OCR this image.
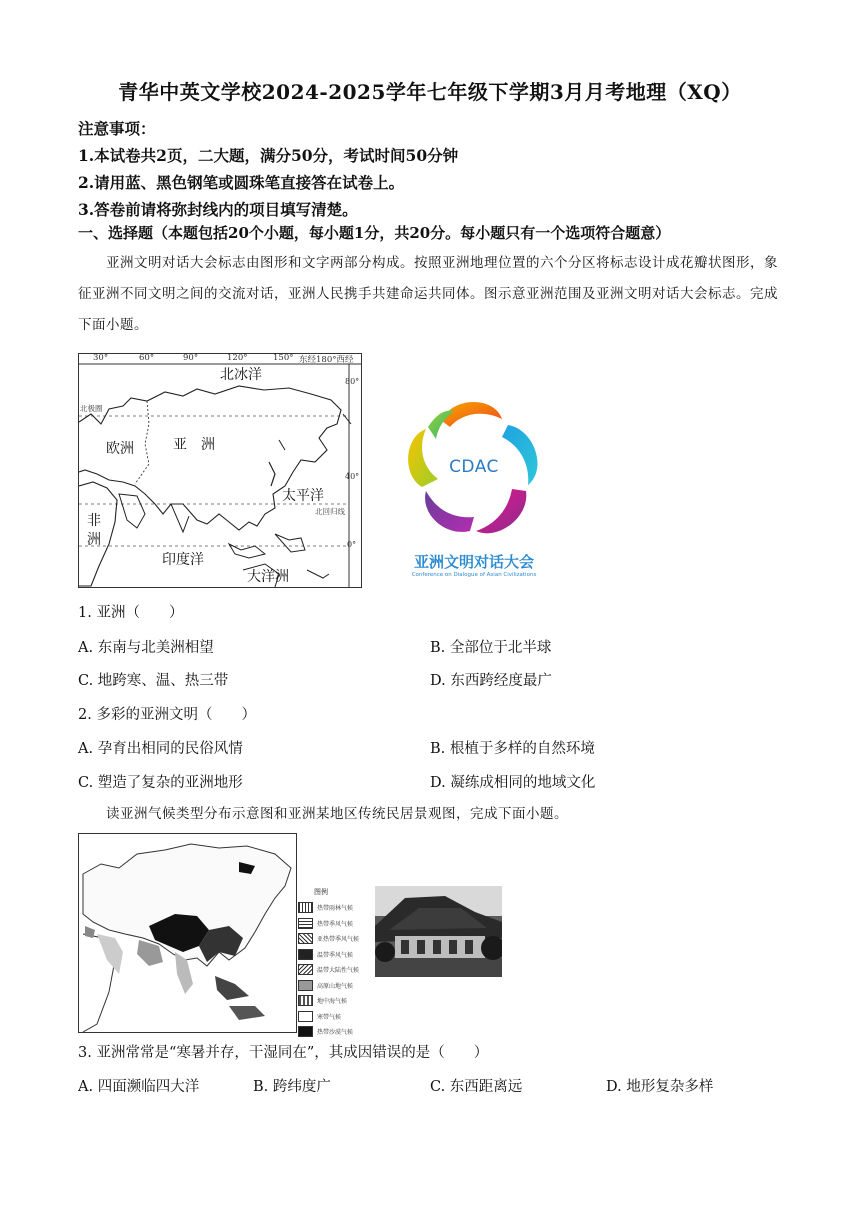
青华中英文学校2024-2025学年七年级下学期3月月考地理（XQ）
注意事项：
1.本试卷共2页，二大题，满分50分，考试时间50分钟
2.请用蓝、黑色钢笔或圆珠笔直接答在试卷上。
3.答卷前请将弥封线内的项目填写清楚。
一、选择题（本题包括20个小题，每小题1分，共20分。每小题只有一个选项符合题意）
亚洲文明对话大会标志由图形和文字两部分构成。按照亚洲地理位置的六个分区将标志设计成花瓣状图形，象征亚洲不同文明之间的交流对话，亚洲人民携手共建命运共同体。图示意亚洲范围及亚洲文明对话大会标志。完成下面小题。
30°	60°	90°	120°	150° 东经180°西经
80°
40°
0°
北冰洋
欧洲	亚　洲
太平洋
非
洲
印度洋
大洋洲
北极圈
北回归线
CDAC
亚洲文明对话大会
Conference on Dialogue of Asian Civilizations
1. 亚洲（　　）
A. 东南与北美洲相望	B. 全部位于北半球
C. 地跨寒、温、热三带	D. 东西跨经度最广
2. 多彩的亚洲文明（　　）
A. 孕育出相同的民俗风情	B. 根植于多样的自然环境
C. 塑造了复杂的亚洲地形	D. 凝练成相同的地域文化
读亚洲气候类型分布示意图和亚洲某地区传统民居景观图，完成下面小题。
图例
热带雨林气候
热带季风气候
亚热带季风气候
温带季风气候
温带大陆性气候
高原山地气候
地中海气候
寒带气候
热带沙漠气候
3. 亚洲常常是“寒暑并存，干湿同在”，其成因错误的是（　　）
A. 四面濒临四大洋	B. 跨纬度广	C. 东西距离远	D. 地形复杂多样
